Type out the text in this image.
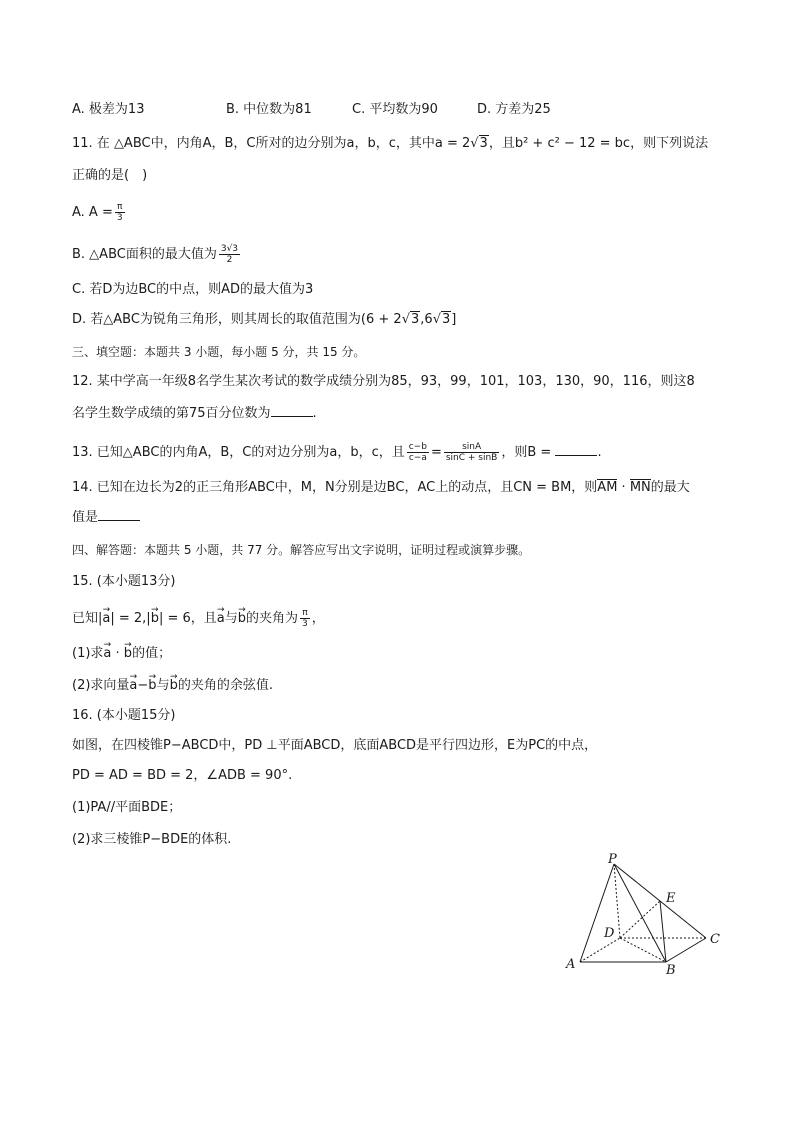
A. 极差为13	B. 中位数为81	C. 平均数为90	D. 方差为25
11. 在 △ABC中，内角A，B，C所对的边分别为a，b，c，其中a = 2√3，且b² + c² − 12 = bc，则下列说法
正确的是(　)
A. $A = \frac{\pi}{3}$
B. △ABC面积的最大值为 $\frac{3√3}{2}$
C. 若D为边BC的中点，则AD的最大值为3
D. 若△ABC为锐角三角形，则其周长的取值范围为(6 + 2√3,6√3]
三、填空题：本题共 3 小题，每小题 5 分，共 15 分。
12. 某中学高一年级8名学生某次考试的数学成绩分别为85，93，99，101，103，130，90，116，则这8
名学生数学成绩的第75百分位数为	.
13. 已知△ABC的内角A，B，C的对边分别为a，b，c，且 $\frac{c-b}{c-a} = \frac{\sin A}{\sin C + \sin B}$ ，则B =	.
14. 已知在边长为2的正三角形ABC中，M，N分别是边BC，AC上的动点，且CN = BM，则AM · MN的最大
值是
四、解答题：本题共 5 小题，共 77 分。解答应写出文字说明，证明过程或演算步骤。
15. (本小题13分)
已知|→ a| = 2,|→ b| = 6，且→ a与→ b的夹角为 $\frac{\pi}{3}$ ，
(1)求→ a · → b的值；
(2)求向量→ a−→ b与→ b的夹角的余弦值.
16. (本小题15分)
如图，在四棱锥P−ABCD中，PD ⊥平面ABCD，底面ABCD是平行四边形，E为PC的中点，
PD = AD = BD = 2，∠ADB = 90°.
(1)PA//平面BDE；
(2)求三棱锥P−BDE的体积.
P
E
D	C
A	B
